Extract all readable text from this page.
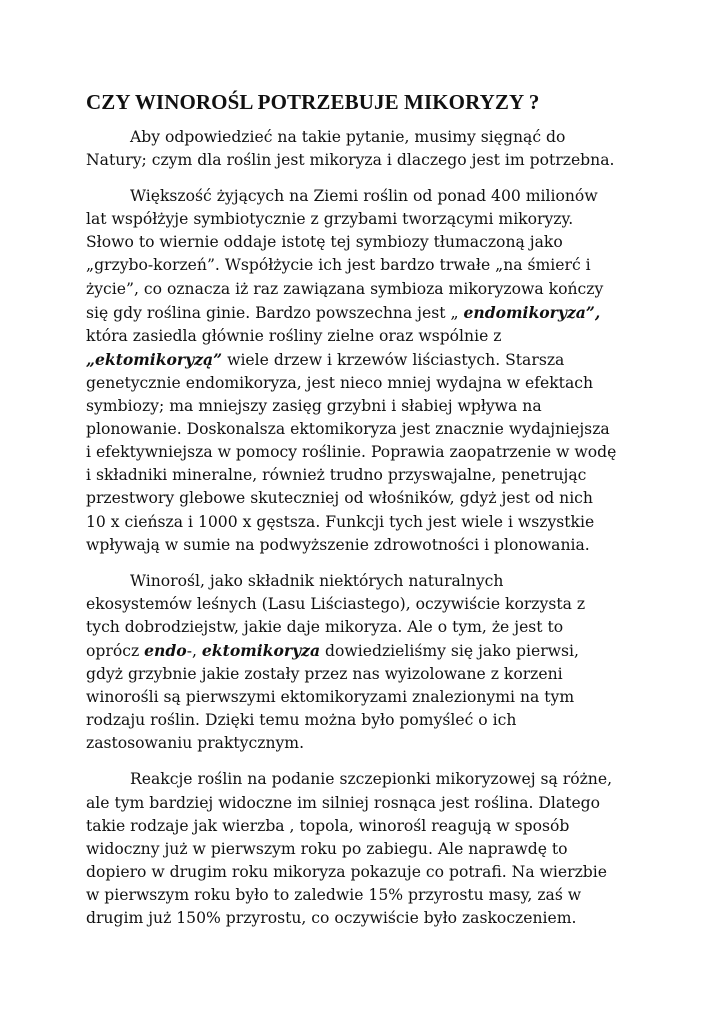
CZY WINOROŚL POTRZEBUJE MIKORYZY ?
Aby odpowiedzieć na takie pytanie, musimy sięgnąć do
Natury; czym dla roślin jest mikoryza i dlaczego jest im potrzebna.
Większość żyjących na Ziemi roślin od ponad 400 milionów
lat współżyje symbiotycznie z grzybami tworzącymi mikoryzy.
Słowo to wiernie oddaje istotę tej symbiozy tłumaczoną jako
„grzybo-korzeń”. Współżycie ich jest bardzo trwałe „na śmierć i
życie”, co oznacza iż raz zawiązana symbioza mikoryzowa kończy
się gdy roślina ginie. Bardzo powszechna jest „ endomikoryza”,
która zasiedla głównie rośliny zielne oraz wspólnie z
„ektomikoryzą” wiele drzew i krzewów liściastych. Starsza
genetycznie endomikoryza, jest nieco mniej wydajna w efektach
symbiozy; ma mniejszy zasięg grzybni i słabiej wpływa na
plonowanie. Doskonalsza ektomikoryza jest znacznie wydajniejsza
i efektywniejsza w pomocy roślinie. Poprawia zaopatrzenie w wodę
i składniki mineralne, również trudno przyswajalne, penetrując
przestwory glebowe skuteczniej od włośników, gdyż jest od nich
10 x cieńsza i 1000 x gęstsza. Funkcji tych jest wiele i wszystkie
wpływają w sumie na podwyższenie zdrowotności i plonowania.
Winorośl, jako składnik niektórych naturalnych
ekosystemów leśnych (Lasu Liściastego), oczywiście korzysta z
tych dobrodziejstw, jakie daje mikoryza. Ale o tym, że jest to
oprócz endo-, ektomikoryza dowiedzieliśmy się jako pierwsi,
gdyż grzybnie jakie zostały przez nas wyizolowane z korzeni
winorośli są pierwszymi ektomikoryzami znalezionymi na tym
rodzaju roślin. Dzięki temu można było pomyśleć o ich
zastosowaniu praktycznym.
Reakcje roślin na podanie szczepionki mikoryzowej są różne,
ale tym bardziej widoczne im silniej rosnąca jest roślina. Dlatego
takie rodzaje jak wierzba , topola, winorośl reagują w sposób
widoczny już w pierwszym roku po zabiegu. Ale naprawdę to
dopiero w drugim roku mikoryza pokazuje co potrafi. Na wierzbie
w pierwszym roku było to zaledwie 15% przyrostu masy, zaś w
drugim już 150% przyrostu, co oczywiście było zaskoczeniem.
